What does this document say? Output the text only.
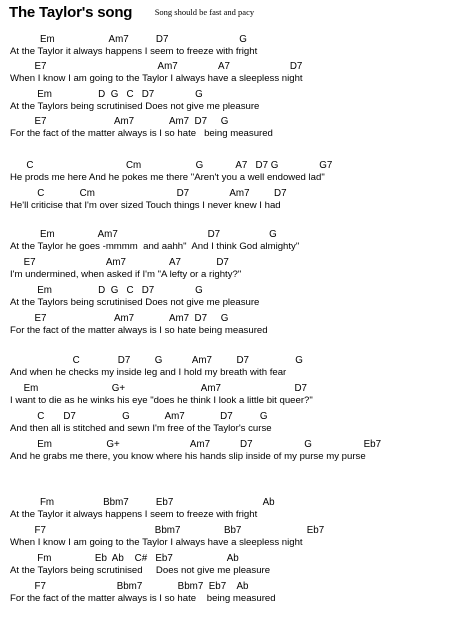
The Taylor's song	Song should be fast and pacy
Em                    Am7          D7                          G
At the Taylor it always happens I seem to freeze with fright
E7                                         Am7               A7                      D7
When I know I am going to the Taylor I always have a sleepless night
Em                 D  G   C   D7               G
At the Taylors being scrutinised Does not give me pleasure
E7                         Am7             Am7  D7     G
For the fact of the matter always is I so hate   being measured
C                                  Cm                    G            A7   D7 G               G7
He prods me here And he pokes me there "Aren't you a well endowed lad"
C             Cm                              D7               Am7         D7
He'll criticise that I'm over sized Touch things I never knew I had
Em                Am7                                 D7                  G
At the Taylor he goes -mmmm  and aahh"  And I think God almighty"
E7                          Am7                A7             D7
I'm undermined, when asked if I'm "A lefty or a righty?"
Em                 D  G   C   D7               G
At the Taylors being scrutinised Does not give me pleasure
E7                         Am7             Am7  D7     G
For the fact of the matter always is I so hate being measured
C              D7         G           Am7         D7                 G
And when he checks my inside leg and I hold my breath with fear
Em                           G+                            Am7                           D7
I want to die as he winks his eye "does he think I look a little bit queer?"
C       D7                 G             Am7             D7          G
And then all is stitched and sewn I'm free of the Taylor's curse
Em                    G+                          Am7           D7                   G                   Eb7
And he grabs me there, you know where his hands slip inside of my purse my purse
Fm                  Bbm7          Eb7                                 Ab
At the Taylor it always happens I seem to freeze with fright
F7                                        Bbm7                Bb7                        Eb7
When I know I am going to the Taylor I always have a sleepless night
Fm                Eb  Ab    C#   Eb7                    Ab
At the Taylors being scrutinised     Does not give me pleasure
F7                          Bbm7             Bbm7  Eb7    Ab
For the fact of the matter always is I so hate    being measured
